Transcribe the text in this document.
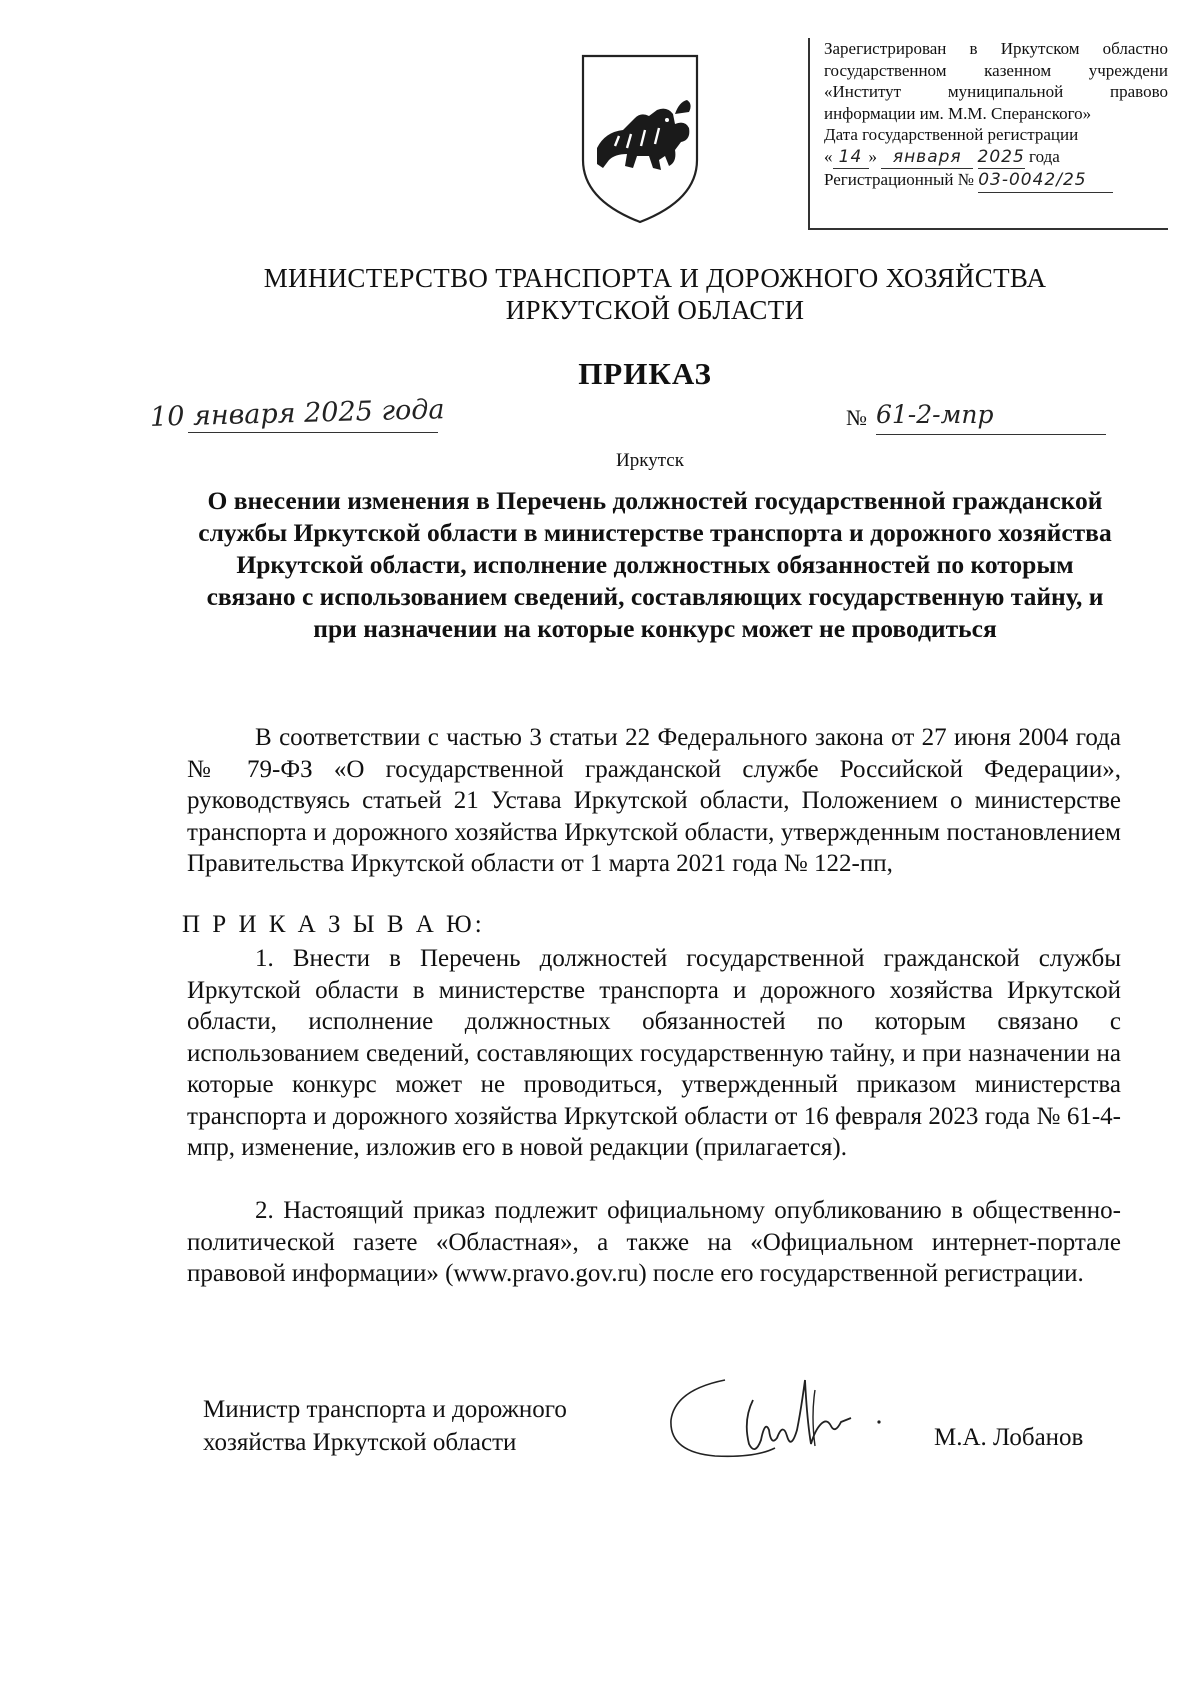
Зарегистрирован в Иркутском областно
государственном казенном учреждени
«Институт муниципальной правово
информации им. М.М. Сперанского»
Дата государственной регистрации
« 14 » января 2025 года
Регистрационный № 03-0042/25
МИНИСТЕРСТВО ТРАНСПОРТА И ДОРОЖНОГО ХОЗЯЙСТВА
ИРКУТСКОЙ ОБЛАСТИ
ПРИКАЗ
10 января 2025 года	№ 61-2-мпр
Иркутск
О внесении изменения в Перечень должностей государственной гражданской службы Иркутской области в министерстве транспорта и дорожного хозяйства Иркутской области, исполнение должностных обязанностей по которым связано с использованием сведений, составляющих государственную тайну, и при назначении на которые конкурс может не проводиться
В соответствии с частью 3 статьи 22 Федерального закона от 27 июня 2004 года № 79-ФЗ «О государственной гражданской службе Российской Федерации», руководствуясь статьей 21 Устава Иркутской области, Положением о министерстве транспорта и дорожного хозяйства Иркутской области, утвержденным постановлением Правительства Иркутской области от 1 марта 2021 года № 122-пп,
П Р И К А З Ы В А Ю:
1. Внести в Перечень должностей государственной гражданской службы Иркутской области в министерстве транспорта и дорожного хозяйства Иркутской области, исполнение должностных обязанностей по которым связано с использованием сведений, составляющих государственную тайну, и при назначении на которые конкурс может не проводиться, утвержденный приказом министерства транспорта и дорожного хозяйства Иркутской области от 16 февраля 2023 года № 61-4-мпр, изменение, изложив его в новой редакции (прилагается).
2. Настоящий приказ подлежит официальному опубликованию в общественно-политической газете «Областная», а также на «Официальном интернет-портале правовой информации» (www.pravo.gov.ru) после его государственной регистрации.
Министр транспорта и дорожного
хозяйства Иркутской области	М.А. Лобанов
